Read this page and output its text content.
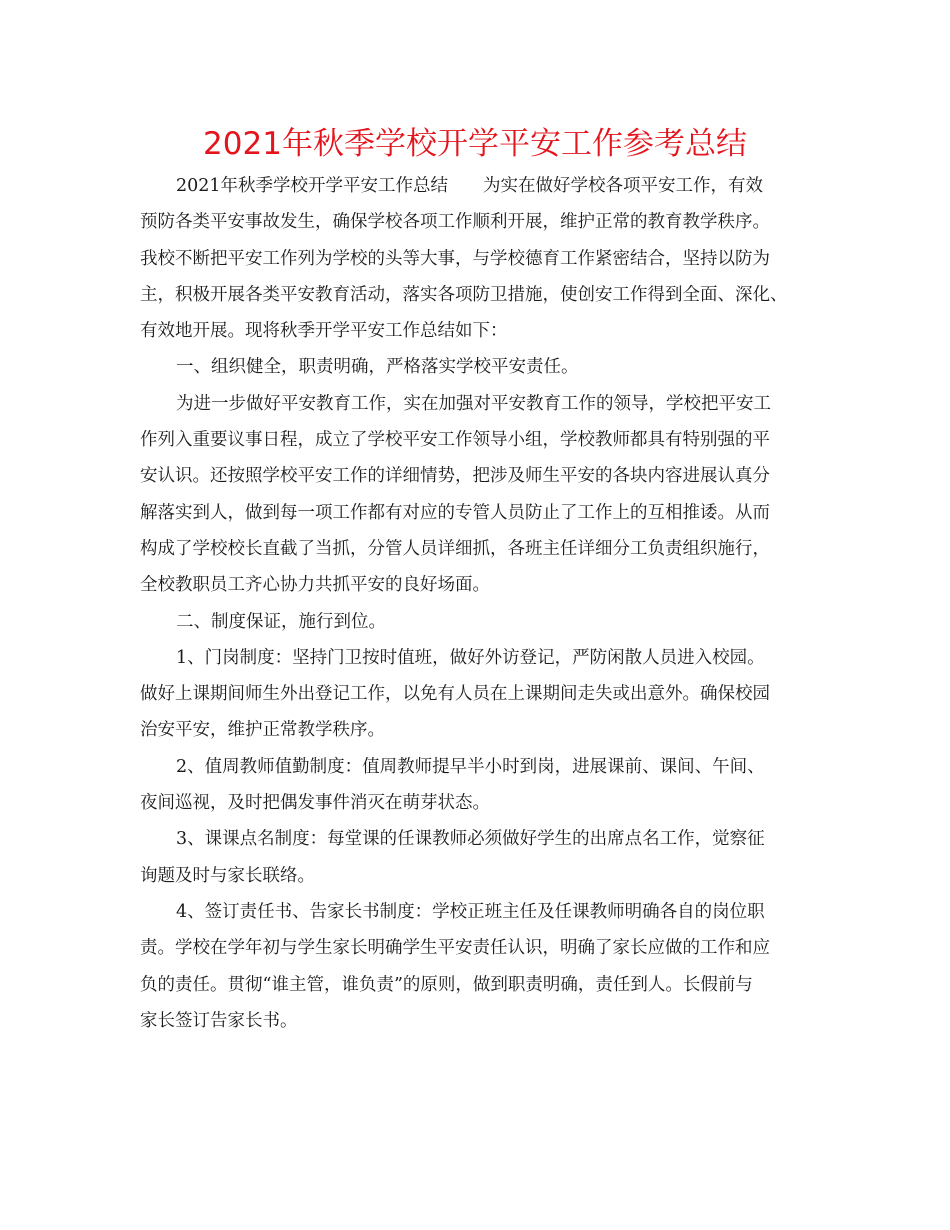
2021年秋季学校开学平安工作参考总结
2021年秋季学校开学平安工作总结　　为实在做好学校各项平安工作，有效
预防各类平安事故发生，确保学校各项工作顺利开展，维护正常的教育教学秩序。
我校不断把平安工作列为学校的头等大事，与学校德育工作紧密结合，坚持以防为
主，积极开展各类平安教育活动，落实各项防卫措施，使创安工作得到全面、深化、
有效地开展。现将秋季开学平安工作总结如下：
一、组织健全，职责明确，严格落实学校平安责任。
为进一步做好平安教育工作，实在加强对平安教育工作的领导，学校把平安工
作列入重要议事日程，成立了学校平安工作领导小组，学校教师都具有特别强的平
安认识。还按照学校平安工作的详细情势，把涉及师生平安的各块内容进展认真分
解落实到人，做到每一项工作都有对应的专管人员防止了工作上的互相推诿。从而
构成了学校校长直截了当抓，分管人员详细抓，各班主任详细分工负责组织施行，
全校教职员工齐心协力共抓平安的良好场面。
二、制度保证，施行到位。
1、门岗制度：坚持门卫按时值班，做好外访登记，严防闲散人员进入校园。
做好上课期间师生外出登记工作，以免有人员在上课期间走失或出意外。确保校园
治安平安，维护正常教学秩序。
2、值周教师值勤制度：值周教师提早半小时到岗，进展课前、课间、午间、
夜间巡视，及时把偶发事件消灭在萌芽状态。
3、课课点名制度：每堂课的任课教师必须做好学生的出席点名工作，觉察征
询题及时与家长联络。
4、签订责任书、告家长书制度：学校正班主任及任课教师明确各自的岗位职
责。学校在学年初与学生家长明确学生平安责任认识，明确了家长应做的工作和应
负的责任。贯彻“谁主管，谁负责”的原则，做到职责明确，责任到人。长假前与
家长签订告家长书。
